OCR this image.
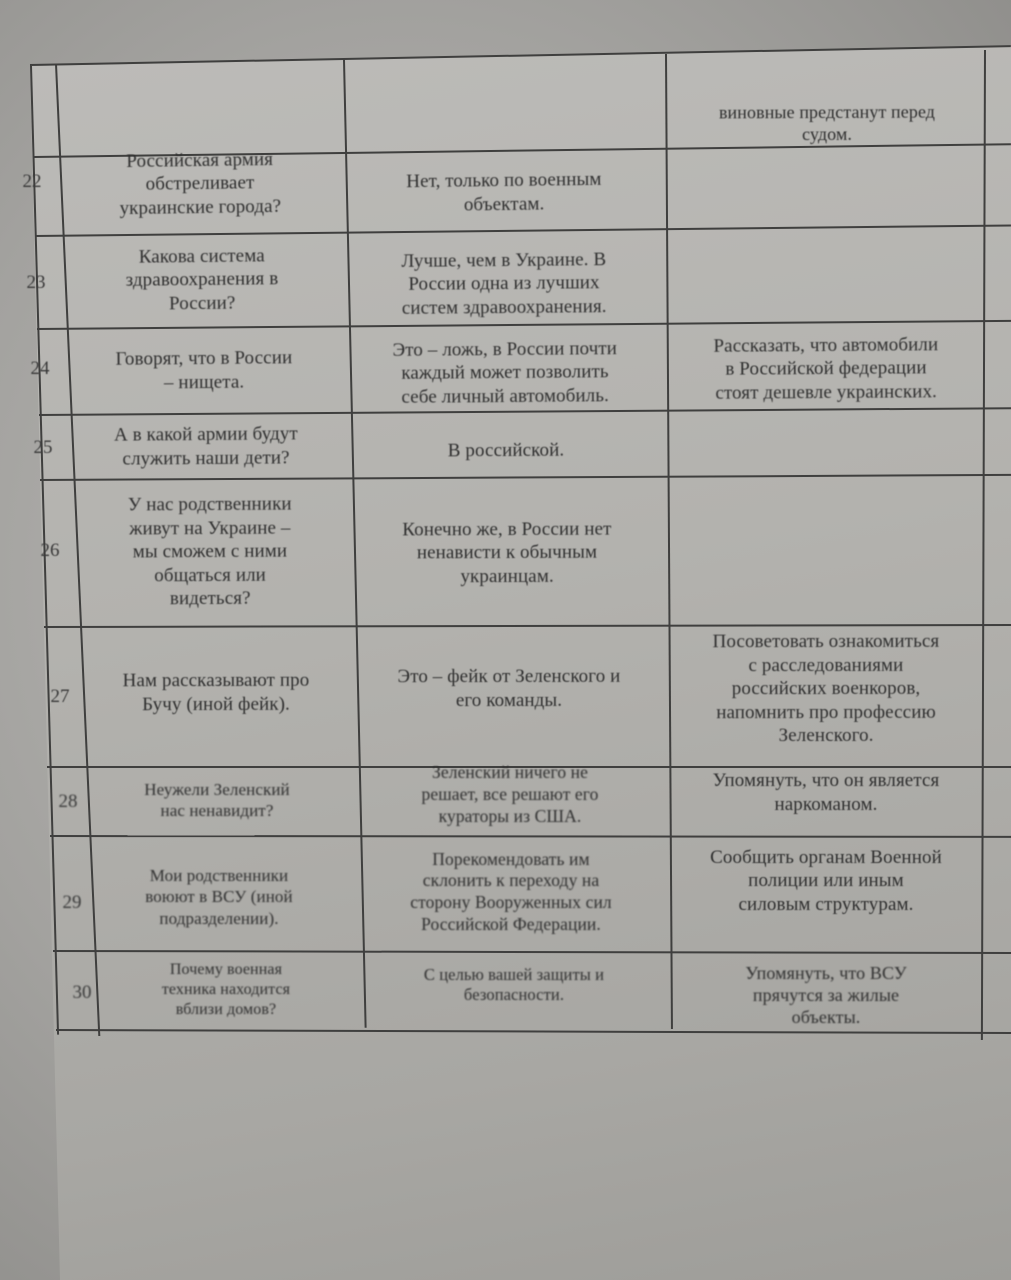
виновные предстанут перед
судом.
22
Российская армия
обстреливает
украинские города?
Нет, только по военным
объектам.
23
Какова система
здравоохранения в
России?
Лучше, чем в Украине. В
России одна из лучших
систем здравоохранения.
24	Говорят, что в России
– нищета.
Это – ложь, в России почти
каждый может позволить
себе личный автомобиль.
Рассказать, что автомобили
в Российской федерации
стоят дешевле украинских.
25
А в какой армии будут
служить наши дети?	В российской.
26
У нас родственники
живут на Украине –
мы сможем с ними
общаться или
видеться?
Конечно же, в России нет
ненависти к обычным
украинцам.
27
Нам рассказывают про
Бучу (иной фейк).
Это – фейк от Зеленского и
его команды.
Посоветовать ознакомиться
с расследованиями
российских военкоров,
напомнить про профессию
Зеленского.
28
Неужели Зеленский
нас ненавидит?
Зеленский ничего не
решает, все решают его
кураторы из США.
Упомянуть, что он является
наркоманом.
29
Мои родственники
воюют в ВСУ (иной
подразделении).
Порекомендовать им
склонить к переходу на
сторону Вооруженных сил
Российской Федерации.
Сообщить органам Военной
полиции или иным
силовым структурам.
30
Почему военная
техника находится
вблизи домов?
С целью вашей защиты и
безопасности.
Упомянуть, что ВСУ
прячутся за жилые
объекты.
